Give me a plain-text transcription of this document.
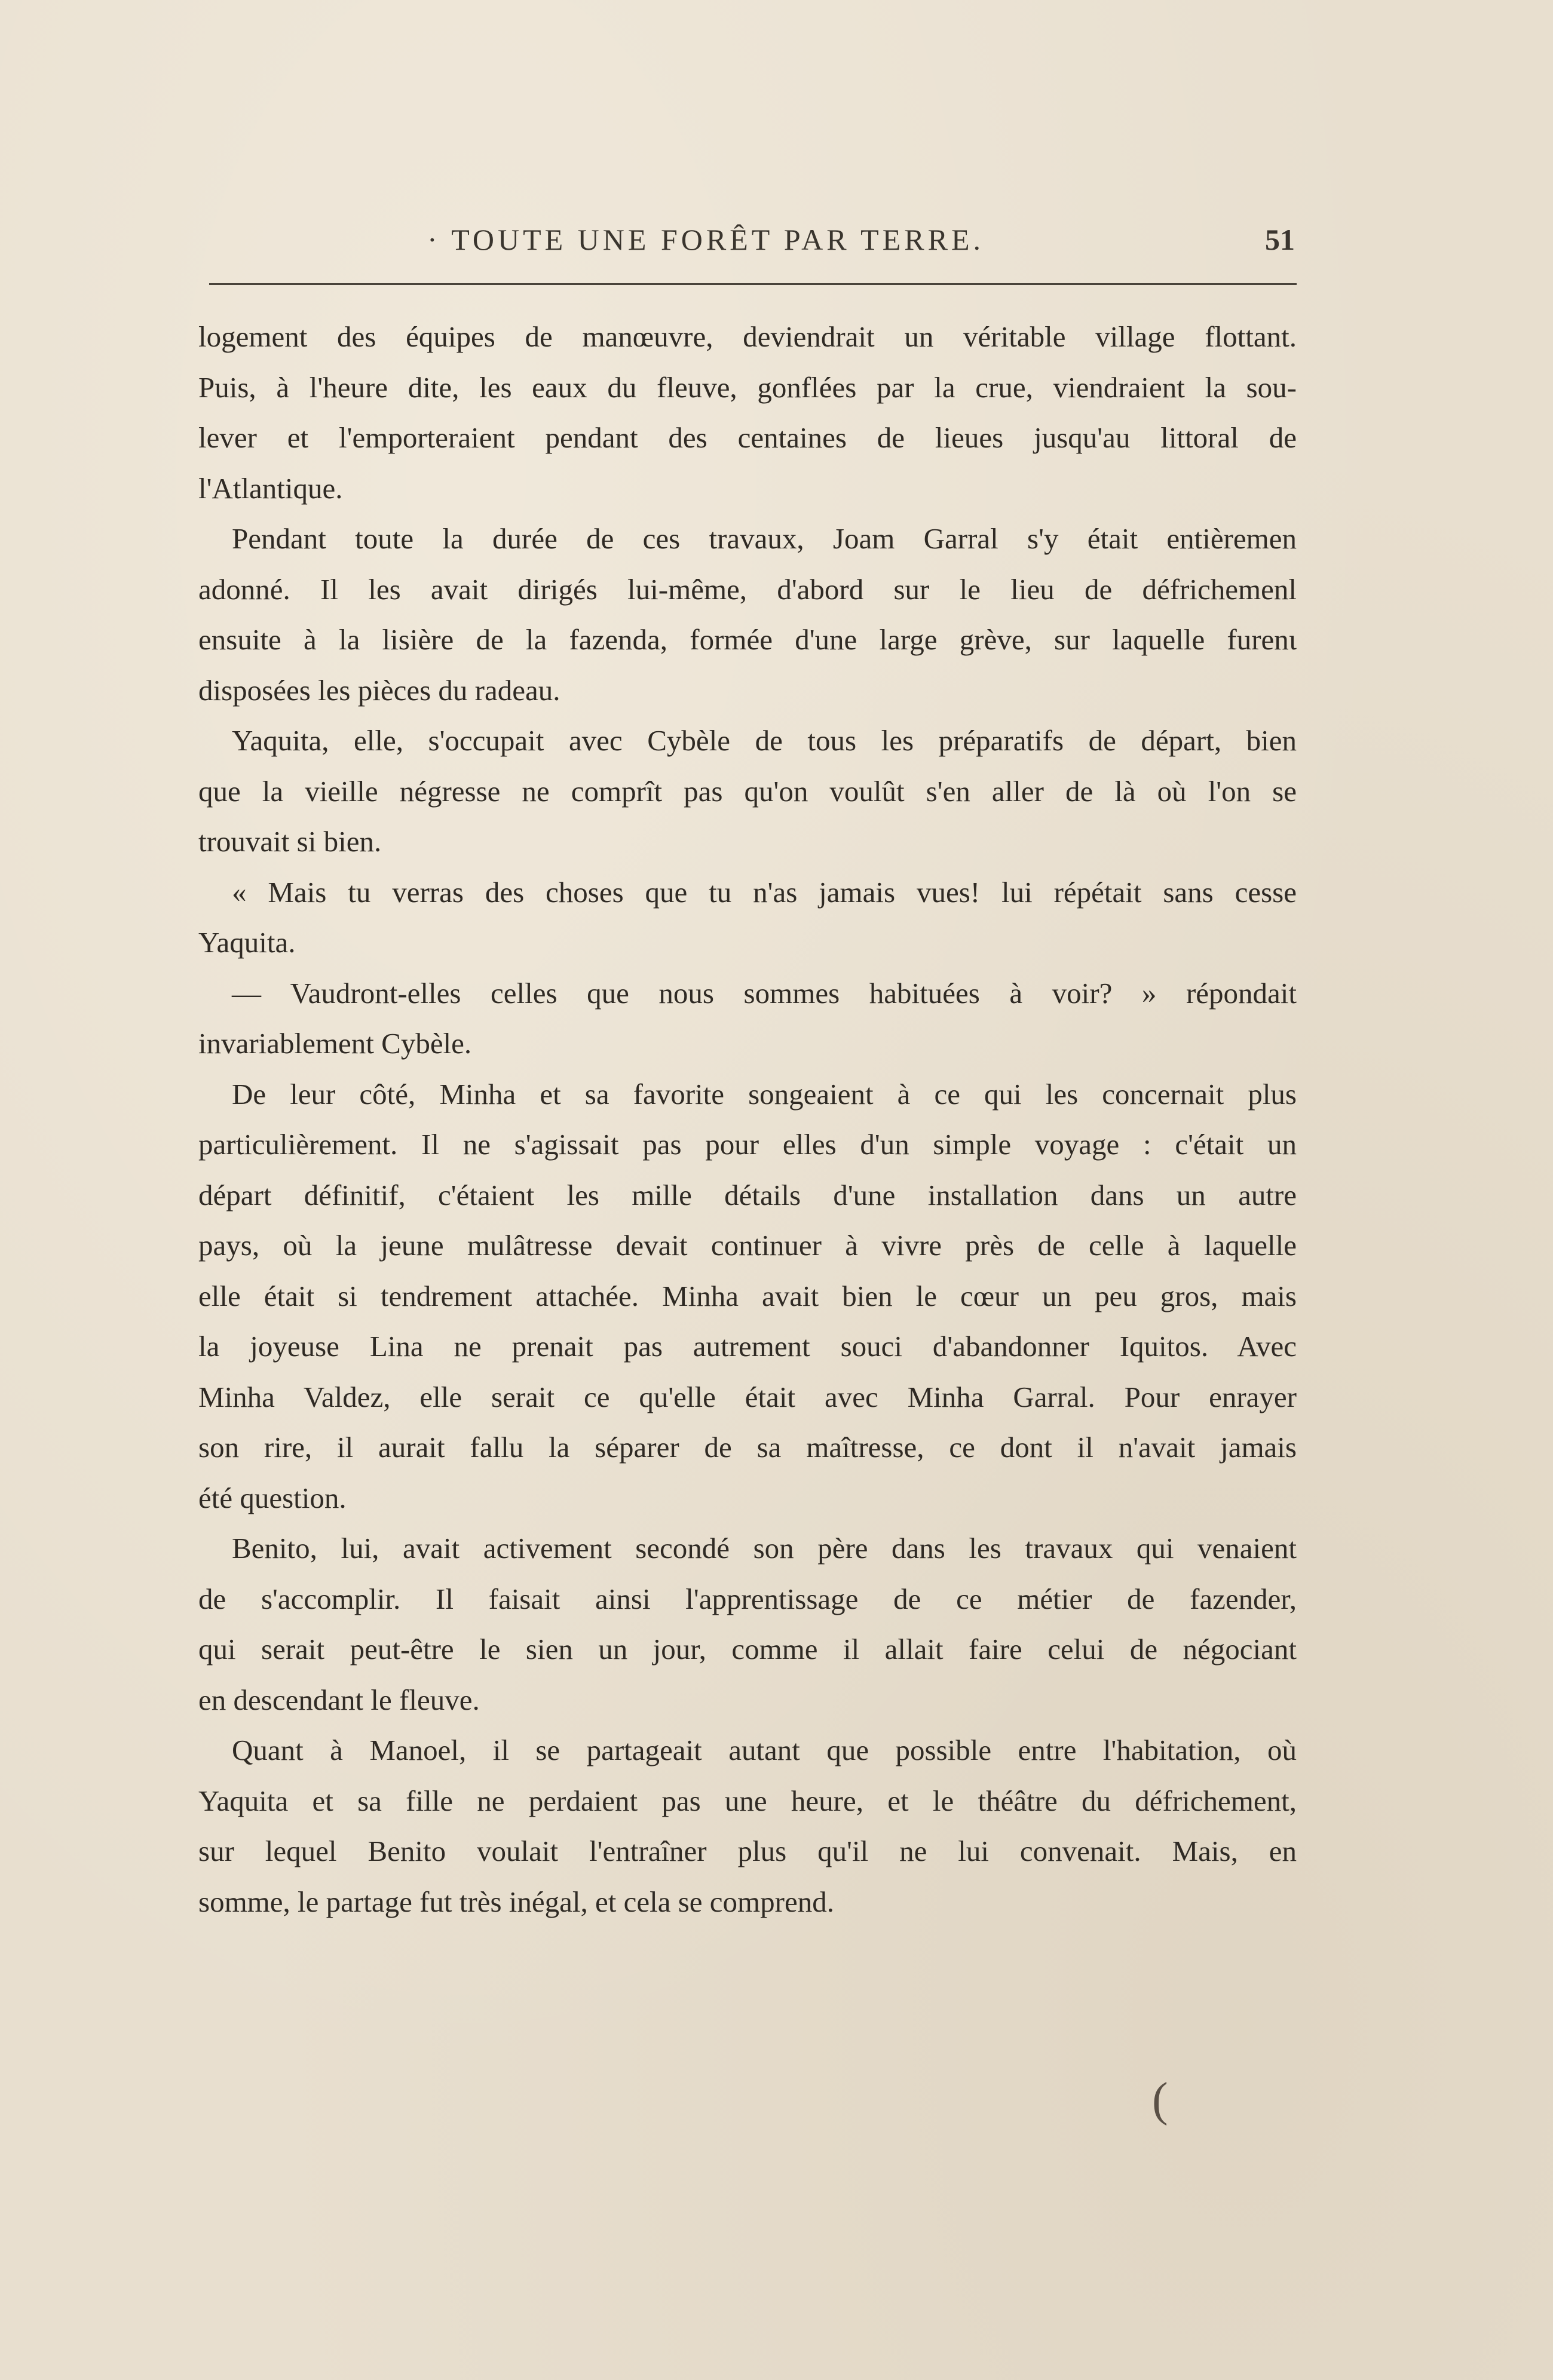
· TOUTE UNE FORÊT PAR TERRE.	51
logement des équipes de manœuvre, deviendrait un véritable village flottant.
Puis, à l'heure dite, les eaux du fleuve, gonflées par la crue, viendraient la sou-
lever et l'emporteraient pendant des centaines de lieues jusqu'au littoral de
l'Atlantique.
Pendant toute la durée de ces travaux, Joam Garral s'y était entièremen
adonné. Il les avait dirigés lui-même, d'abord sur le lieu de défrichemenl
ensuite à la lisière de la fazenda, formée d'une large grève, sur laquelle furenι
disposées les pièces du radeau.
Yaquita, elle, s'occupait avec Cybèle de tous les préparatifs de départ, bien
que la vieille négresse ne comprît pas qu'on voulût s'en aller de là où l'on se
trouvait si bien.
« Mais tu verras des choses que tu n'as jamais vues! lui répétait sans cesse
Yaquita.
— Vaudront-elles celles que nous sommes habituées à voir? » répondait
invariablement Cybèle.
De leur côté, Minha et sa favorite songeaient à ce qui les concernait plus
particulièrement. Il ne s'agissait pas pour elles d'un simple voyage : c'était un
départ définitif, c'étaient les mille détails d'une installation dans un autre
pays, où la jeune mulâtresse devait continuer à vivre près de celle à laquelle
elle était si tendrement attachée. Minha avait bien le cœur un peu gros, mais
la joyeuse Lina ne prenait pas autrement souci d'abandonner Iquitos. Avec
Minha Valdez, elle serait ce qu'elle était avec Minha Garral. Pour enrayer
son rire, il aurait fallu la séparer de sa maîtresse, ce dont il n'avait jamais
été question.
Benito, lui, avait activement secondé son père dans les travaux qui venaient
de s'accomplir. Il faisait ainsi l'apprentissage de ce métier de fazender,
qui serait peut-être le sien un jour, comme il allait faire celui de négociant
en descendant le fleuve.
Quant à Manoel, il se partageait autant que possible entre l'habitation, où
Yaquita et sa fille ne perdaient pas une heure, et le théâtre du défrichement,
sur lequel Benito voulait l'entraîner plus qu'il ne lui convenait. Mais, en
somme, le partage fut très inégal, et cela se comprend.
(
